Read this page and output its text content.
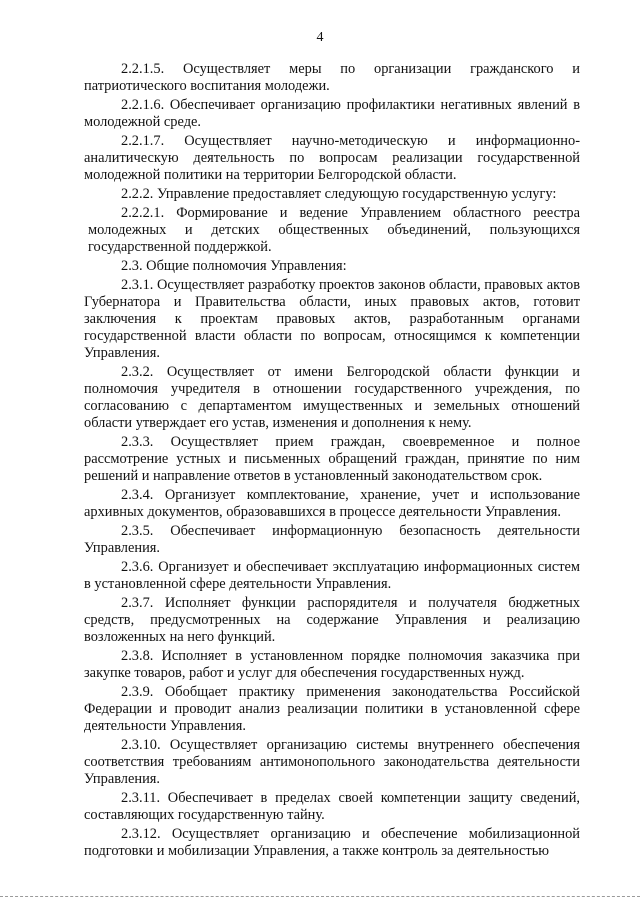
4

2.2.1.5. Осуществляет меры по организации гражданского и патриотического воспитания молодежи.

2.2.1.6. Обеспечивает организацию профилактики негативных явлений в молодежной среде.

2.2.1.7. Осуществляет научно-методическую и информационно-аналитическую деятельность по вопросам реализации государственной молодежной политики на территории Белгородской области.

2.2.2. Управление предоставляет следующую государственную услугу:

2.2.2.1. Формирование и ведение Управлением областного реестра молодежных и детских общественных объединений, пользующихся государственной поддержкой.

2.3. Общие полномочия Управления:

2.3.1. Осуществляет разработку проектов законов области, правовых актов Губернатора и Правительства области, иных правовых актов, готовит заключения к проектам правовых актов, разработанным органами государственной власти области по вопросам, относящимся к компетенции Управления.

2.3.2. Осуществляет от имени Белгородской области функции и полномочия учредителя в отношении государственного учреждения, по согласованию с департаментом имущественных и земельных отношений области утверждает его устав, изменения и дополнения к нему.

2.3.3. Осуществляет прием граждан, своевременное и полное рассмотрение устных и письменных обращений граждан, принятие по ним решений и направление ответов в установленный законодательством срок.

2.3.4. Организует комплектование, хранение, учет и использование архивных документов, образовавшихся в процессе деятельности Управления.

2.3.5. Обеспечивает информационную безопасность деятельности Управления.

2.3.6. Организует и обеспечивает эксплуатацию информационных систем в установленной сфере деятельности Управления.

2.3.7. Исполняет функции распорядителя и получателя бюджетных средств, предусмотренных на содержание Управления и реализацию возложенных на него функций.

2.3.8. Исполняет в установленном порядке полномочия заказчика при закупке товаров, работ и услуг для обеспечения государственных нужд.

2.3.9. Обобщает практику применения законодательства Российской Федерации и проводит анализ реализации политики в установленной сфере деятельности Управления.

2.3.10. Осуществляет организацию системы внутреннего обеспечения соответствия требованиям антимонопольного законодательства деятельности Управления.

2.3.11. Обеспечивает в пределах своей компетенции защиту сведений, составляющих государственную тайну.

2.3.12. Осуществляет организацию и обеспечение мобилизационной подготовки и мобилизации Управления, а также контроль за деятельностью
